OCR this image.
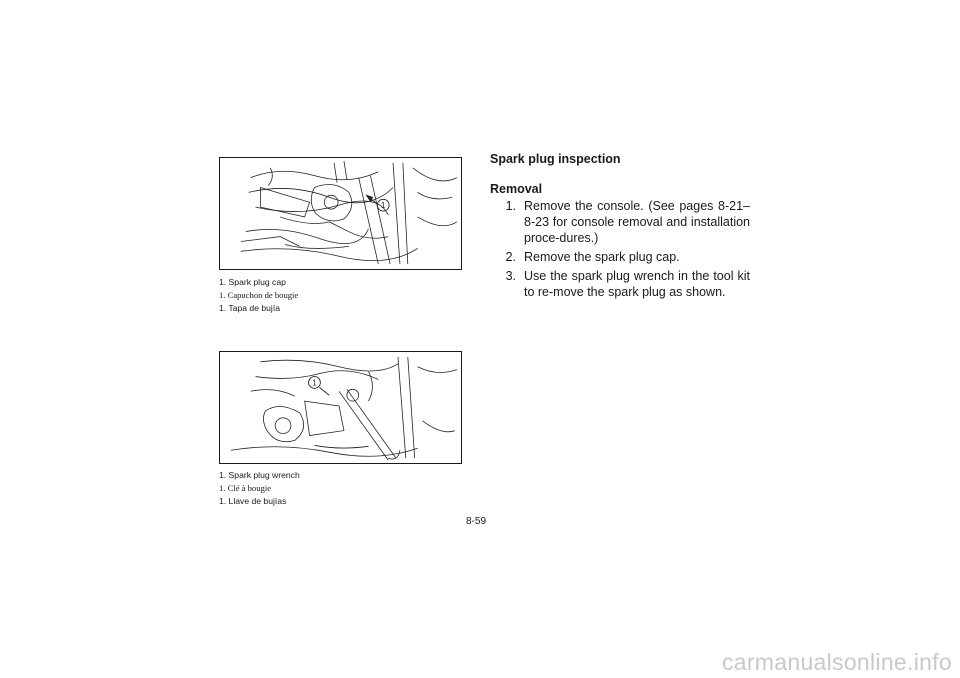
1
1. Spark plug cap
1. Capuchon de bougie
1. Tapa de bujía
1
1. Spark plug wrench
1. Clé à bougie
1. Llave de bujías
Spark plug inspection
Removal
1. Remove the console. (See pages 8-21–8-23 for console removal and installation proce-dures.)
2. Remove the spark plug cap.
3. Use the spark plug wrench in the tool kit to re-move the spark plug as shown.
8-59
carmanualsonline.info
